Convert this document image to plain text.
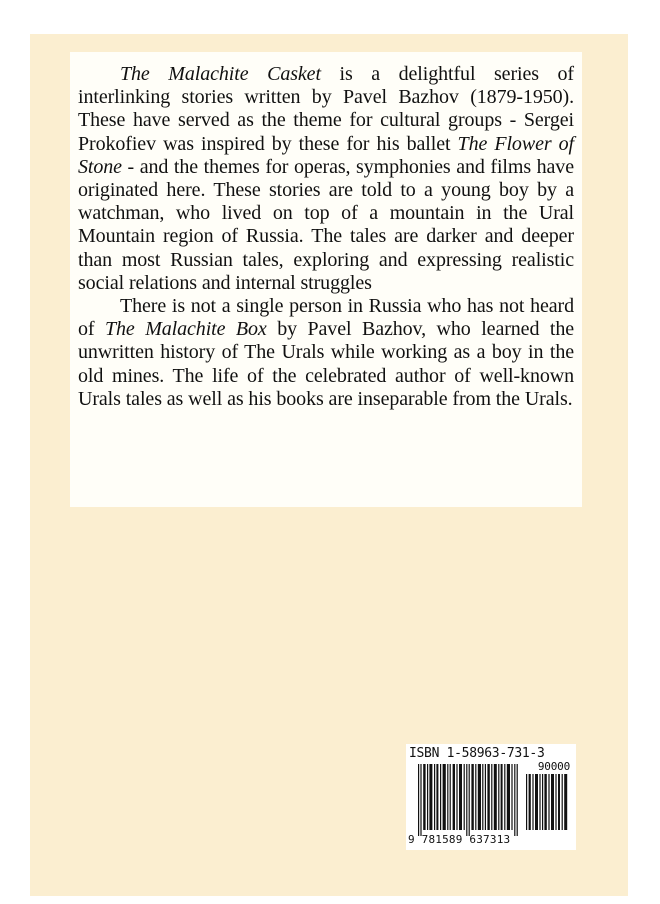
The Malachite Casket is a delightful series of interlinking stories written by Pavel Bazhov (1879-1950). These have served as the theme for cultural groups - Sergei Prokofiev was inspired by these for his ballet The Flower of Stone - and the themes for operas, symphonies and films have originated here. These stories are told to a young boy by a watchman, who lived on top of a mountain in the Ural Mountain region of Russia. The tales are darker and deeper than most Russian tales, exploring and expressing realistic social relations and internal struggles

There is not a single person in Russia who has not heard of The Malachite Box by Pavel Bazhov, who learned the unwritten history of The Urals while working as a boy in the old mines. The life of the celebrated author of well-known Urals tales as well as his books are inseparable from the Urals.

ISBN 1-58963-731-3
90000
9 781589 637313
